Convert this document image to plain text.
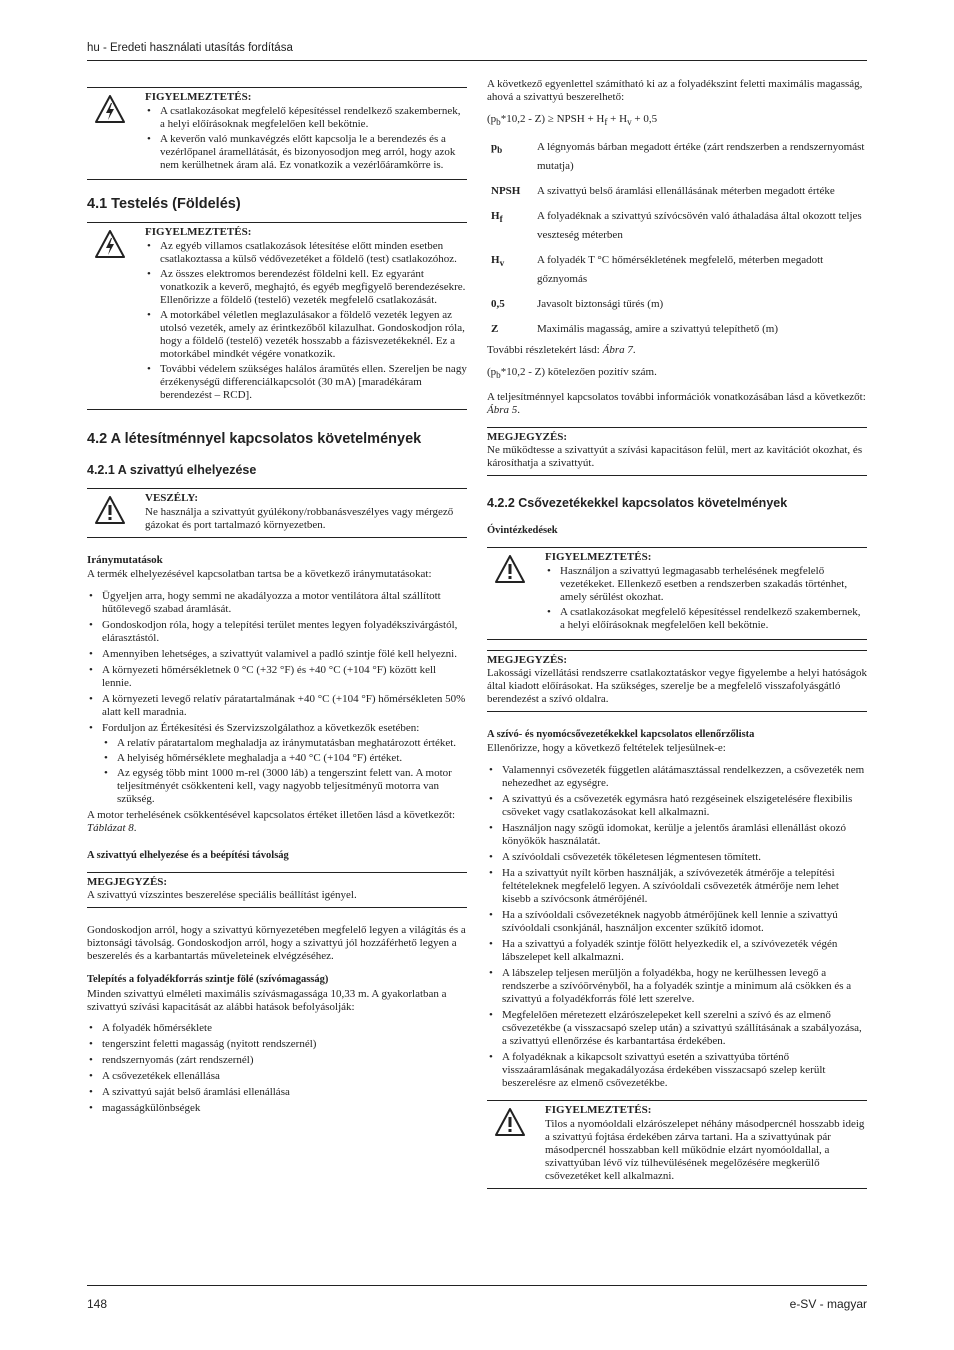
hu - Eredeti használati utasítás fordítása
FIGYELMEZTETÉS:
• A csatlakozásokat megfelelő képesítéssel rendelkező szakembernek, a helyi előírásoknak megfelelően kell bekötnie.
• A keverőn való munkavégzés előtt kapcsolja le a berendezés és a vezérlőpanel áramellátását, és bizonyosodjon meg arról, hogy azok nem kerülhetnek áram alá. Ez vonatkozik a vezérlőáramkörre is.
4.1 Testelés (Földelés)
FIGYELMEZTETÉS:
• Az egyéb villamos csatlakozások létesítése előtt minden esetben csatlakoztassa a külső védővezetéket a földelő (test) csatlakozóhoz.
• Az összes elektromos berendezést földelni kell. Ez egyaránt vonatkozik a keverő, meghajtó, és egyéb megfigyelő berendezésekre. Ellenőrizze a földelő (testelő) vezeték megfelelő csatlakozását.
• A motorkábel véletlen meglazulásakor a földelő vezeték legyen az utolsó vezeték, amely az érintkezőből kilazulhat. Gondoskodjon róla, hogy a földelő (testelő) vezeték hosszabb a fázisvezetékeknél. Ez a motorkábel mindkét végére vonatkozik.
• További védelem szükséges halálos áramütés ellen. Szereljen be nagy érzékenységű differenciálkapcsolót (30 mA) [maradékáram berendezést – RCD].
4.2 A létesítménnyel kapcsolatos követelmények
4.2.1 A szivattyú elhelyezése
VESZÉLY:

Ne használja a szivattyút gyúlékony/robbanásveszélyes vagy mérgező gázokat és port tartalmazó környezetben.

Iránymutatások

A termék elhelyezésével kapcsolatban tartsa be a következő iránymutatásokat:

• Ügyeljen arra, hogy semmi ne akadályozza a motor ventilátora által szállított hűtőlevegő szabad áramlását.
• Gondoskodjon róla, hogy a telepítési terület mentes legyen folyadékszivárgástól, elárasztástól.
• Amennyiben lehetséges, a szivattyút valamivel a padló szintje fölé kell helyezni.
• A környezeti hőmérsékletnek 0 °C (+32 °F) és +40 °C (+104 °F) között kell lennie.
• A környezeti levegő relatív páratartalmának +40 °C (+104 °F) hőmérsékleten 50% alatt kell maradnia.
• Forduljon az Értékesítési és Szervizszolgálathoz a következők esetében:
• A relatív páratartalom meghaladja az iránymutatásban meghatározott értéket.
• A helyiség hőmérséklete meghaladja a +40 °C (+104 °F) értéket.
• Az egység több mint 1000 m-rel (3000 láb) a tengerszint felett van. A motor teljesítményét csökkenteni kell, vagy nagyobb teljesítményű motorra van szükség.

A motor terhelésének csökkentésével kapcsolatos értéket illetően lásd a következőt: Táblázat 8.

A szivattyú elhelyezése és a beépítési távolság

MEGJEGYZÉS:

A szivattyú vízszintes beszerelése speciális beállítást igényel.

Gondoskodjon arról, hogy a szivattyú környezetében megfelelő legyen a világítás és a biztonsági távolság. Gondoskodjon arról, hogy a szivattyú jól hozzáférhető legyen a beszerelés és a karbantartás műveleteinek elvégzéséhez.

Telepítés a folyadékforrás szintje fölé (szívómagasság)

Minden szivattyú elméleti maximális szívásmagassága 10,33 m. A gyakorlatban a szivattyú szívási kapacitását az alábbi hatások befolyásolják:

• A folyadék hőmérséklete
• tengerszint feletti magasság (nyitott rendszernél)
• rendszernyomás (zárt rendszernél)
• A csővezetékek ellenállása
• A szivattyú saját belső áramlási ellenállása
• magasságkülönbségek

A következő egyenlettel számítható ki az a folyadékszint feletti maximális magasság, ahová a szivattyú beszerelhető:

$(p_b*10,2 - Z)$ ≥ NPSH + $H_f + H_v + 0,5$

$p_b$	A légnyomás bárban megadott értéke (zárt rendszerben a rendszernyomást mutatja)
NPSH	A szivattyú belső áramlási ellenállásának méterben megadott értéke
$H_f$	A folyadéknak a szivattyú szívócsövén való áthaladása által okozott teljes veszteség méterben
$H_v$	A folyadék T °C hőmérsékletének megfelelő, méterben megadott gőznyomás
0,5	Javasolt biztonsági tűrés (m)
Z	Maximális magasság, amire a szivattyú telepíthető (m)

További részletekért lásd: Ábra 7.

$(p_b*10,2 - Z)$ kötelezően pozitív szám.

A teljesítménnyel kapcsolatos további információk vonatkozásában lásd a következőt: Ábra 5.

MEGJEGYZÉS:

Ne működtesse a szivattyút a szívási kapacitáson felül, mert az kavitációt okozhat, és károsíthatja a szivattyút.

4.2.2 Csővezetékekkel kapcsolatos követelmények

Óvintézkedések

FIGYELMEZTETÉS:
• Használjon a szivattyú legmagasabb terhelésének megfelelő vezetékeket. Ellenkező esetben a rendszerben szakadás történhet, amely sérülést okozhat.
• A csatlakozásokat megfelelő képesítéssel rendelkező szakembernek, a helyi előírásoknak megfelelően kell bekötnie.
MEGJEGYZÉS:

Lakossági vízellátási rendszerre csatlakoztatáskor vegye figyelembe a helyi hatóságok által kiadott előírásokat. Ha szükséges, szerelje be a megfelelő visszafolyásgátló berendezést a szívó oldalra.

A szívó- és nyomócsővezetékekkel kapcsolatos ellenőrzőlista

Ellenőrizze, hogy a következő feltételek teljesülnek-e:

• Valamennyi csővezeték független alátámasztással rendelkezzen, a csővezeték nem nehezedhet az egységre.
• A szivattyú és a csővezeték egymásra ható rezgéseinek elszigetelésére flexibilis csöveket vagy csatlakozásokat kell alkalmazni.
• Használjon nagy szögű idomokat, kerülje a jelentős áramlási ellenállást okozó könyökök használatát.
• A szívóoldali csővezeték tökéletesen légmentesen tömített.
• Ha a szivattyút nyílt körben használják, a szívóvezeték átmérője a telepítési feltételeknek megfelelő legyen. A szívóoldali csővezeték átmérője nem lehet kisebb a szívócsonk átmérőjénél.
• Ha a szívóoldali csővezetéknek nagyobb átmérőjűnek kell lennie a szivattyú szívóoldali csonkjánál, használjon excenter szűkítő idomot.
• Ha a szivattyú a folyadék szintje fölött helyezkedik el, a szívóvezeték végén lábszelepet kell alkalmazni.
• A lábszelep teljesen merüljön a folyadékba, hogy ne kerülhessen levegő a rendszerbe a szívóörvényből, ha a folyadék szintje a minimum alá csökken és a szivattyú a folyadékforrás fölé lett szerelve.
• Megfelelően méretezett elzárószelepeket kell szerelni a szívó és az elmenő csővezetékbe (a visszacsapó szelep után) a szivattyú szállításának a szabályozása, a szivattyú ellenőrzése és karbantartása érdekében.
• A folyadéknak a kikapcsolt szivattyú esetén a szivattyúba történő visszaáramlásának megakadályozása érdekében visszacsapó szelep került beszerelésre az elmenő csővezetékbe.
FIGYELMEZTETÉS:

Tilos a nyomóoldali elzárószelepet néhány másodpercnél hosszabb ideig a szivattyú fojtása érdekében zárva tartani. Ha a szivattyúnak pár másodpercnél hosszabban kell működnie elzárt nyomóoldallal, a szivattyúban lévő víz túlhevülésének megelőzésére megkerülő csővezetéket kell alkalmazni.

148	e-SV - magyar
